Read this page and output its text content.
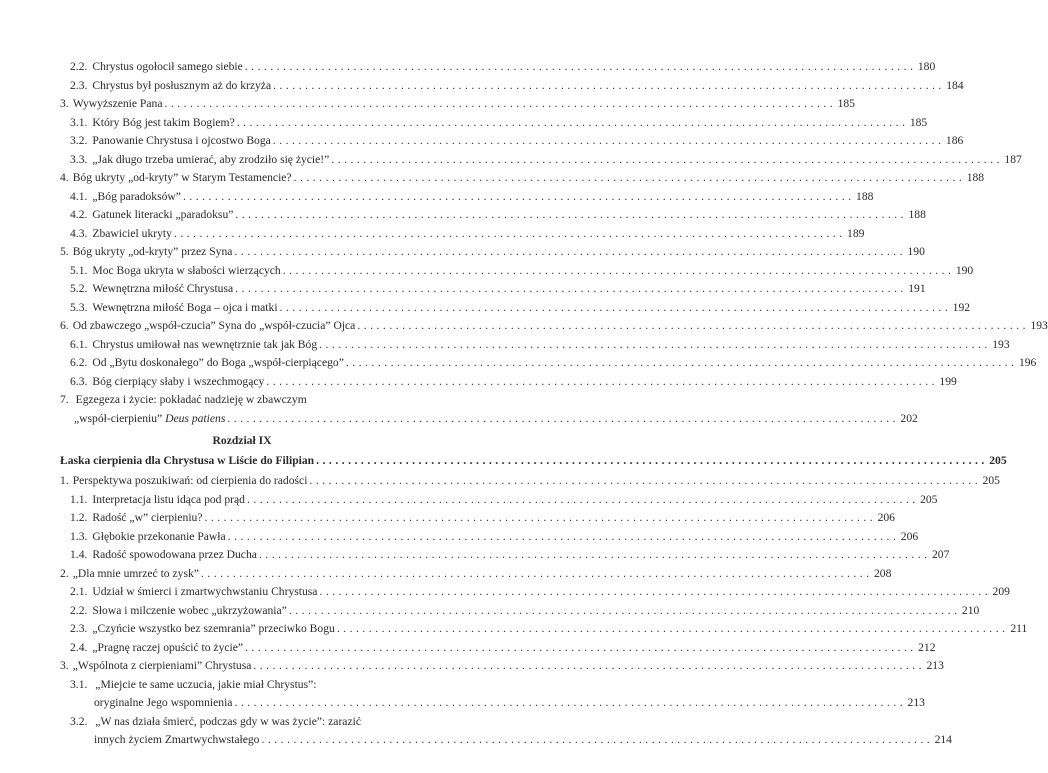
2.2. Chrystus ogołocił samego siebie . . .	180
2.3. Chrystus był posłusznym aż do krzyża . . .	184
3. Wywyższenie Pana . . .	185
3.1. Który Bóg jest takim Bogiem? . . .	185
3.2. Panowanie Chrystusa i ojcostwo Boga . . .	186
3.3. „Jak długo trzeba umierać, aby zrodziło się życie!” . . .	187
4. Bóg ukryty „od-kryty” w Starym Testamencie? . . .	188
4.1. „Bóg paradoksów” . . .	188
4.2. Gatunek literacki „paradoksu” . . .	188
4.3. Zbawiciel ukryty . . .	189
5. Bóg ukryty „od-kryty” przez Syna . . .	190
5.1. Moc Boga ukryta w słabości wierzących . . .	190
5.2. Wewnętrzna miłość Chrystusa . . .	191
5.3. Wewnętrzna miłość Boga – ojca i matki . . .	192
6. Od zbawczego „współ-czucia” Syna do „współ-czucia” Ojca . . .	193
6.1. Chrystus umiłował nas wewnętrznie tak jak Bóg . . .	193
6.2. Od „Bytu doskonałego” do Boga „współ-cierpiącego” . . .	196
6.3. Bóg cierpiący słaby i wszechmogący . . .	199
7. Egzegeza i życie: pokładać nadzieję w zbawczym
„współ-cierpieniu” Deus patiens . . .	202
Rozdział IX
Łaska cierpienia dla Chrystusa w Liście do Filipian . . .	205
1. Perspektywa poszukiwań: od cierpienia do radości . . .	205
1.1. Interpretacja listu idąca pod prąd . . .	205
1.2. Radość „w” cierpieniu? . . .	206
1.3. Głębokie przekonanie Pawła . . .	206
1.4. Radość spowodowana przez Ducha . . .	207
2. „Dla mnie umrzeć to zysk” . . .	208
2.1. Udział w śmierci i zmartwychwstaniu Chrystusa . . .	209
2.2. Słowa i milczenie wobec „ukrzyżowania” . . .	210
2.3. „Czyńcie wszystko bez szemrania” przeciwko Bogu . . .	211
2.4. „Pragnę raczej opuścić to życie” . . .	212
3. „Wspólnota z cierpieniami” Chrystusa . . .	213
3.1. „Miejcie te same uczucia, jakie miał Chrystus”:
oryginalne Jego wspomnienia . . .	213
3.2. „W nas działa śmierć, podczas gdy w was życie”: zarazić
innych życiem Zmartwychwstałego . . .	214
